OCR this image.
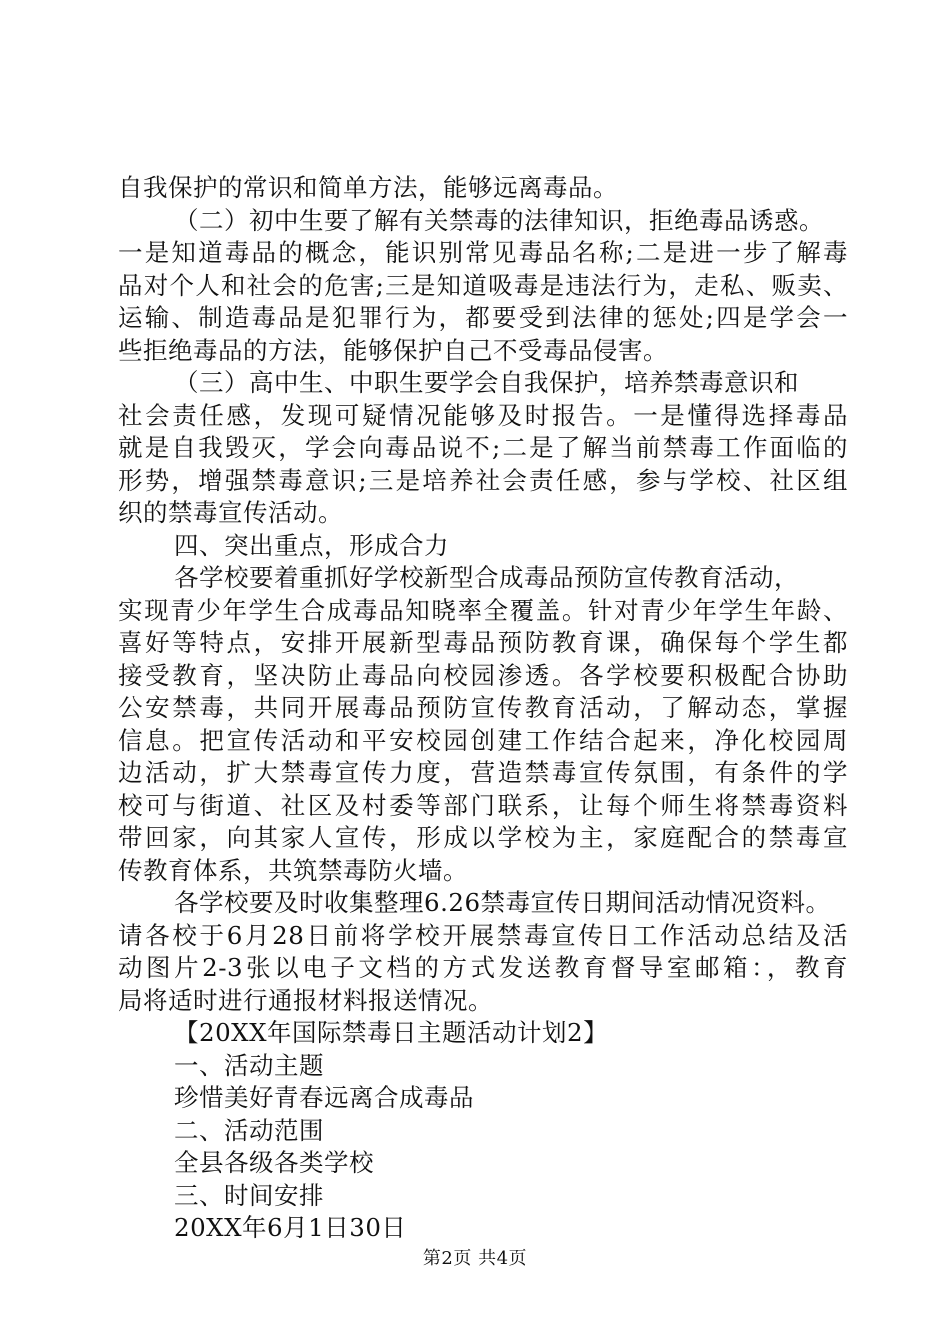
自我保护的常识和简单方法，能够远离毒品。
（二）初中生要了解有关禁毒的法律知识，拒绝毒品诱惑。
一是知道毒品的概念，能识别常见毒品名称;二是进一步了解毒
品对个人和社会的危害;三是知道吸毒是违法行为，走私、贩卖、
运输、制造毒品是犯罪行为，都要受到法律的惩处;四是学会一
些拒绝毒品的方法，能够保护自己不受毒品侵害。
（三）高中生、中职生要学会自我保护，培养禁毒意识和
社会责任感，发现可疑情况能够及时报告。一是懂得选择毒品
就是自我毁灭，学会向毒品说不;二是了解当前禁毒工作面临的
形势，增强禁毒意识;三是培养社会责任感，参与学校、社区组
织的禁毒宣传活动。
四、突出重点，形成合力
各学校要着重抓好学校新型合成毒品预防宣传教育活动，
实现青少年学生合成毒品知晓率全覆盖。针对青少年学生年龄、
喜好等特点，安排开展新型毒品预防教育课，确保每个学生都
接受教育，坚决防止毒品向校园渗透。各学校要积极配合协助
公安禁毒，共同开展毒品预防宣传教育活动，了解动态，掌握
信息。把宣传活动和平安校园创建工作结合起来，净化校园周
边活动，扩大禁毒宣传力度，营造禁毒宣传氛围，有条件的学
校可与街道、社区及村委等部门联系，让每个师生将禁毒资料
带回家，向其家人宣传，形成以学校为主，家庭配合的禁毒宣
传教育体系，共筑禁毒防火墙。
各学校要及时收集整理6.26禁毒宣传日期间活动情况资料。
请各校于6月28日前将学校开展禁毒宣传日工作活动总结及活
动图片2-3张以电子文档的方式发送教育督导室邮箱：，教育
局将适时进行通报材料报送情况。
【20XX年国际禁毒日主题活动计划2】
一、活动主题
珍惜美好青春远离合成毒品
二、活动范围
全县各级各类学校
三、时间安排
20XX年6月1日30日
第2页 共4页
